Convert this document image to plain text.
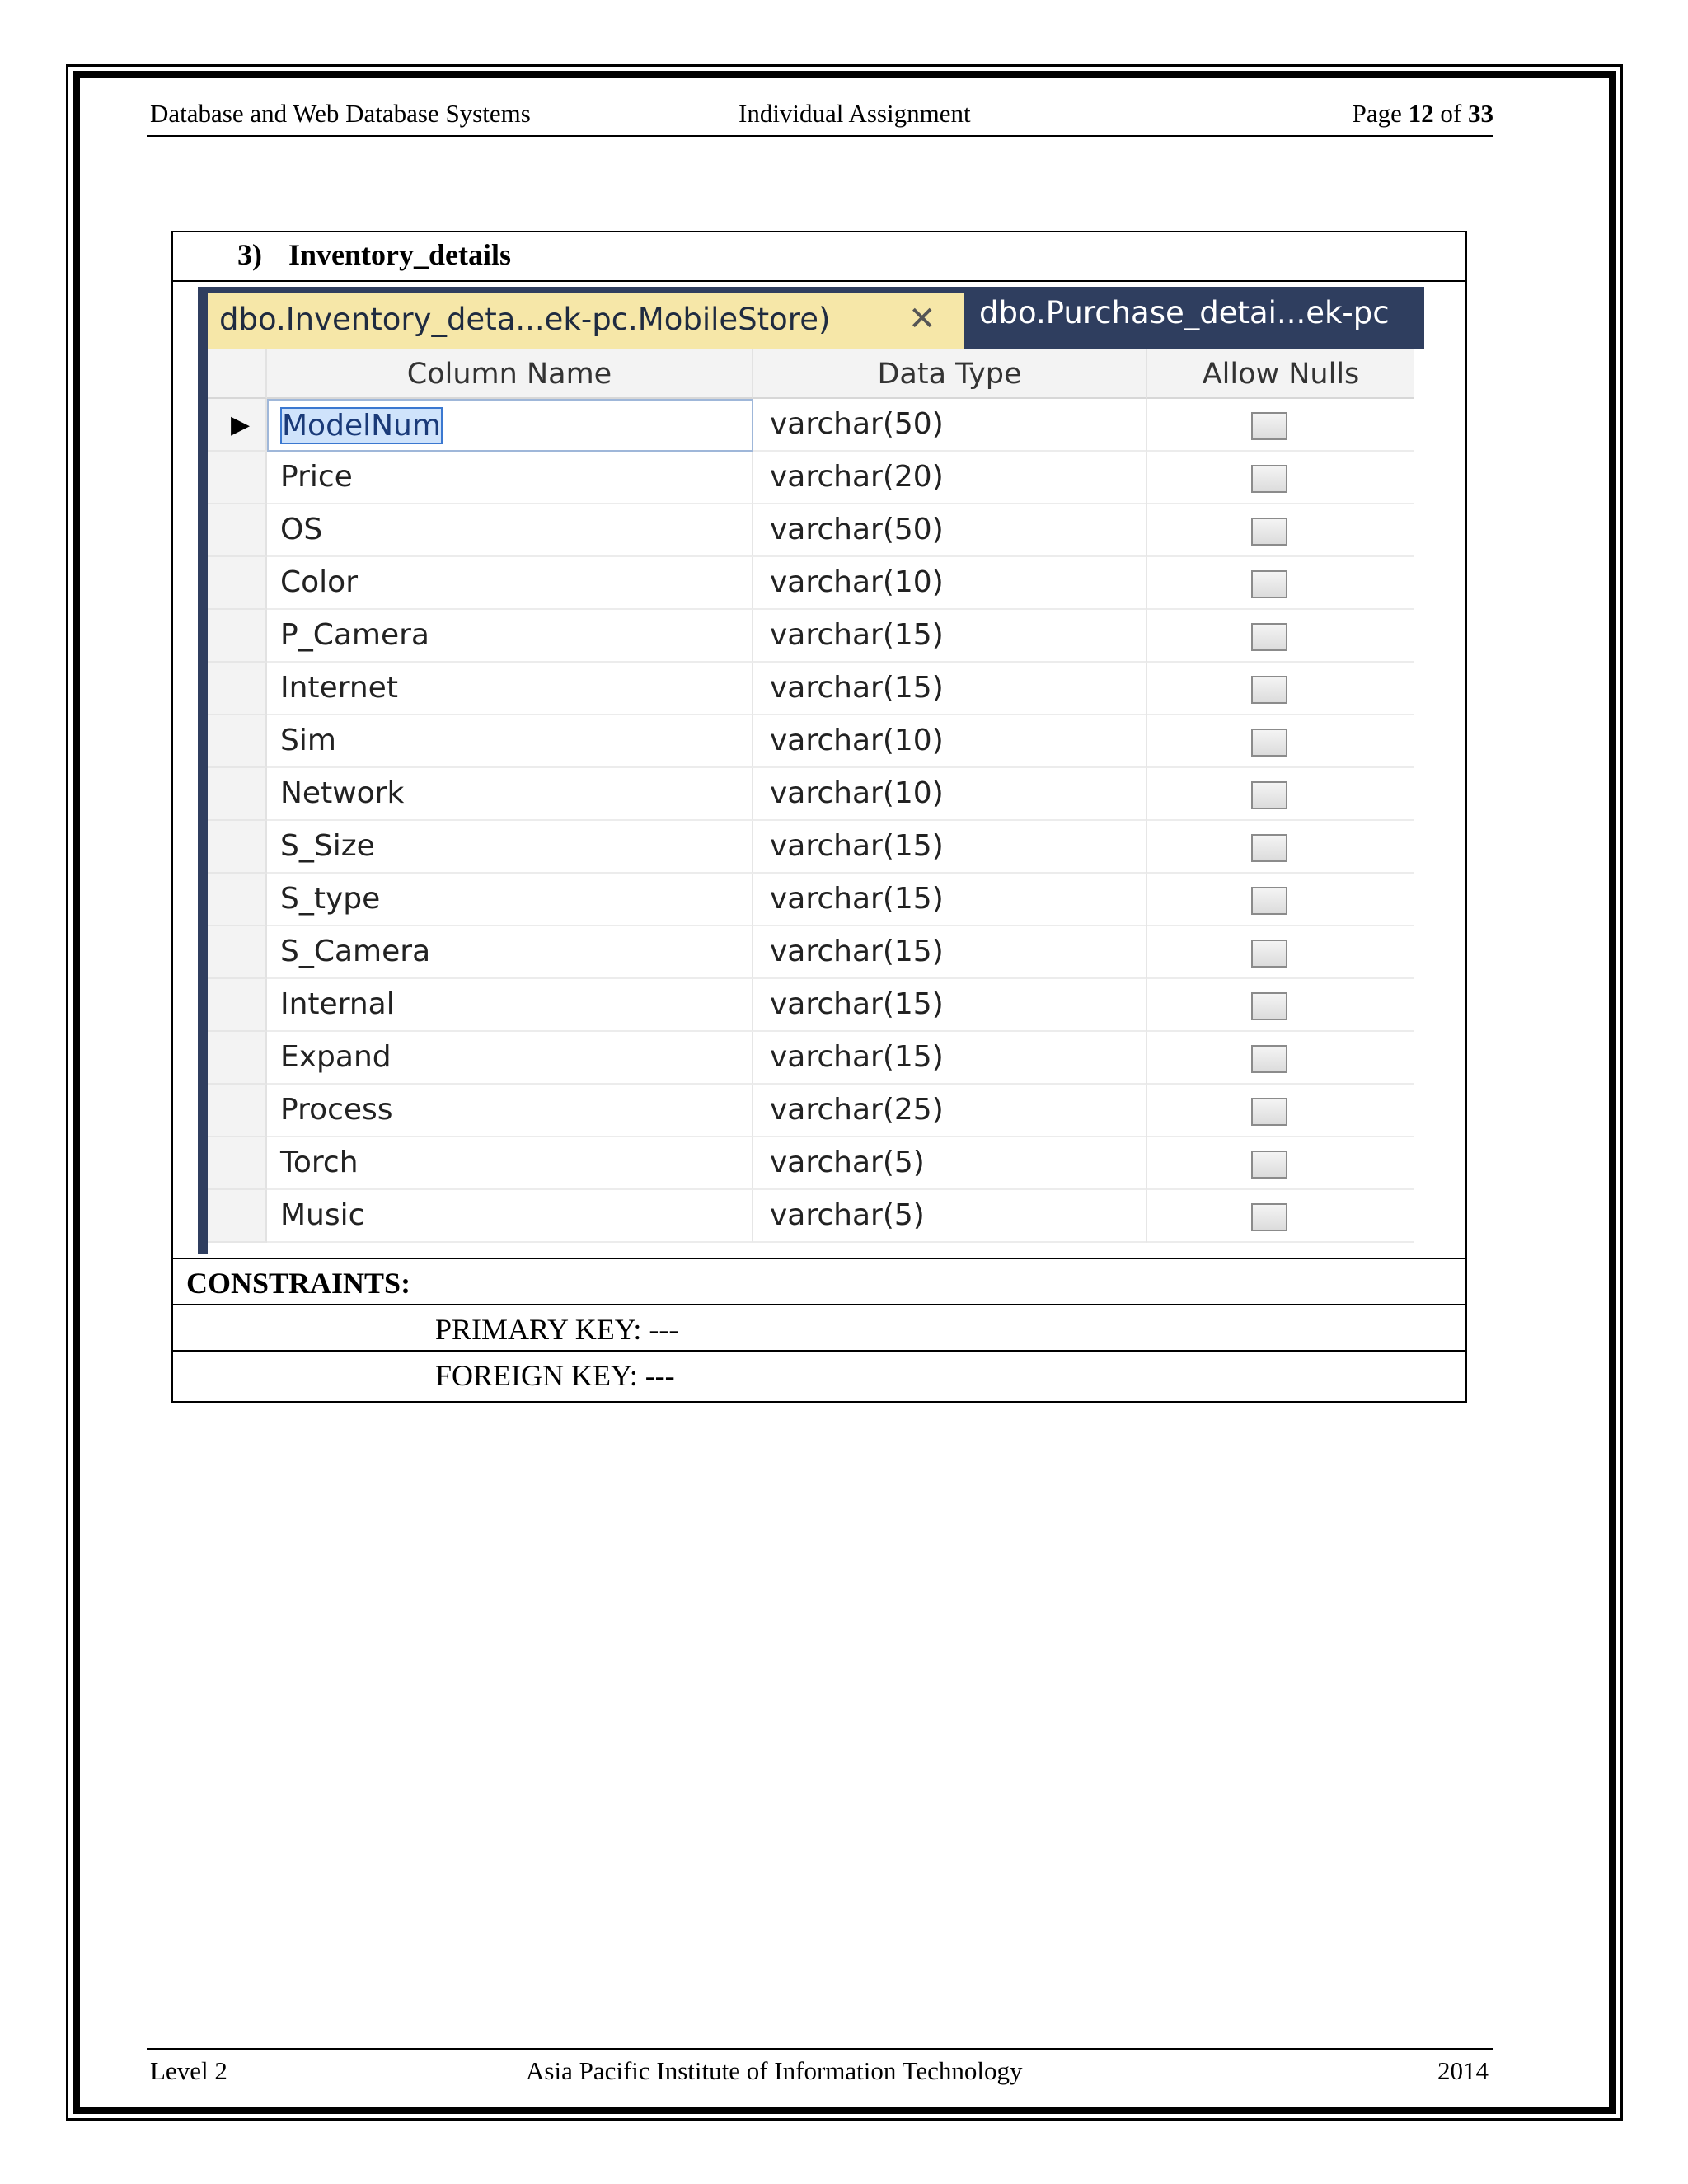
Database and Web Database Systems	Individual Assignment	Page 12 of 33
3) Inventory_details
dbo.Inventory_deta...ek-pc.MobileStore) ✕ dbo.Purchase_detai...ek-pc
Column Name	Data Type	Allow Nulls
▶	ModelNum	varchar(50)
Price	varchar(20)
OS	varchar(50)
Color	varchar(10)
P_Camera	varchar(15)
Internet	varchar(15)
Sim	varchar(10)
Network	varchar(10)
S_Size	varchar(15)
S_type	varchar(15)
S_Camera	varchar(15)
Internal	varchar(15)
Expand	varchar(15)
Process	varchar(25)
Torch	varchar(5)
Music	varchar(5)
CONSTRAINTS:
PRIMARY KEY: ---
FOREIGN KEY: ---
Level 2	Asia Pacific Institute of Information Technology	2014
